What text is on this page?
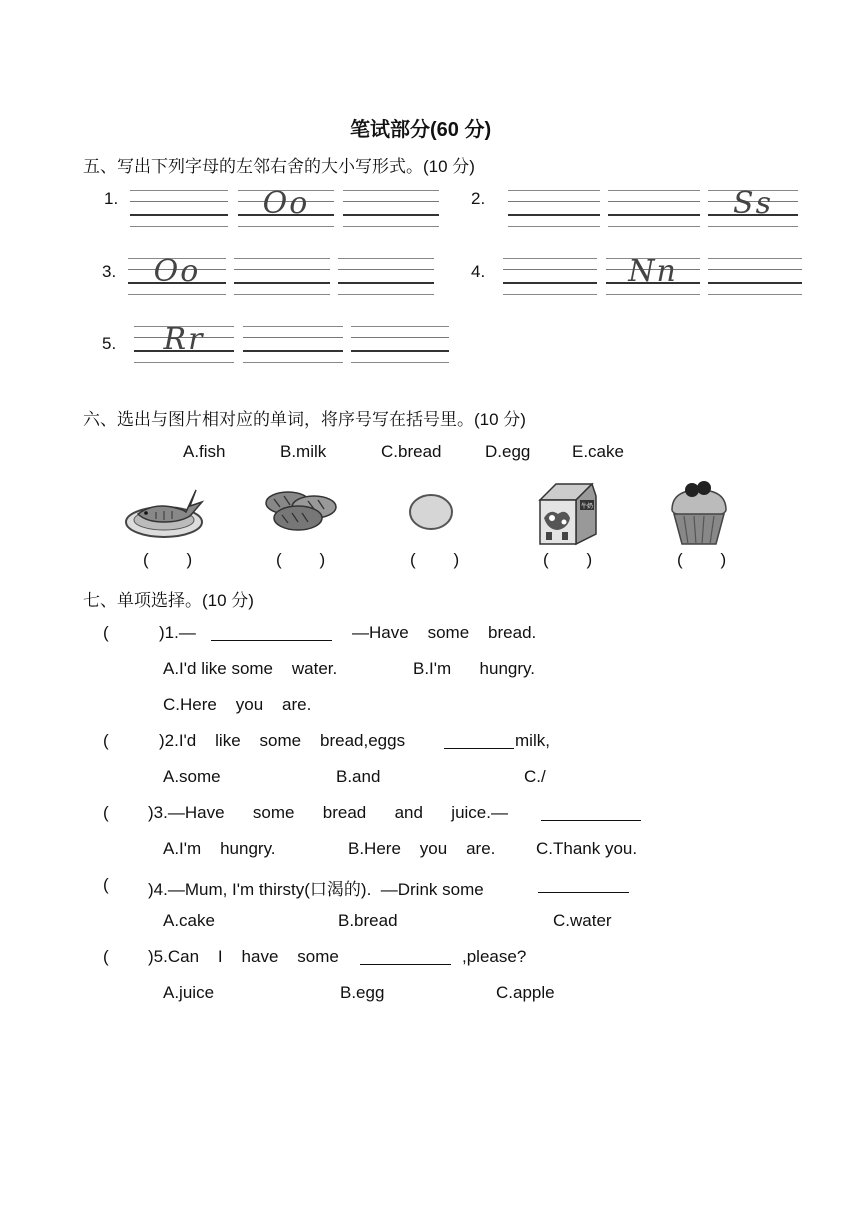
笔试部分(60 分)
五、写出下列字母的左邻右舍的大小写形式。(10 分)
1.	Oo	2.	Ss
3.	Oo	4.	Nn
5.	Rr
六、选出与图片相对应的单词，将序号写在括号里。(10 分)
A.fish	B.milk	C.bread	D.egg E.cake
牛奶
(        )	(        )	(        )	(        )	(        )
七、单项选择。(10 分)
(	)1.—	—Have    some    bread.
A.I'd like some    water.	B.I'm      hungry.
C.Here    you    are.
(	)2.I'd    like    some    bread,eggs	milk,
A.some	B.and	C./
( )3.—Have      some      bread      and      juice.—
A.I'm    hungry.	B.Here    you    are. C.Thank you.
( )4.—Mum, I'm thirsty(口渴的).  —Drink some
A.cake	B.bread	C.water
( )5.Can    I    have    some	,please?
A.juice	B.egg	C.apple
